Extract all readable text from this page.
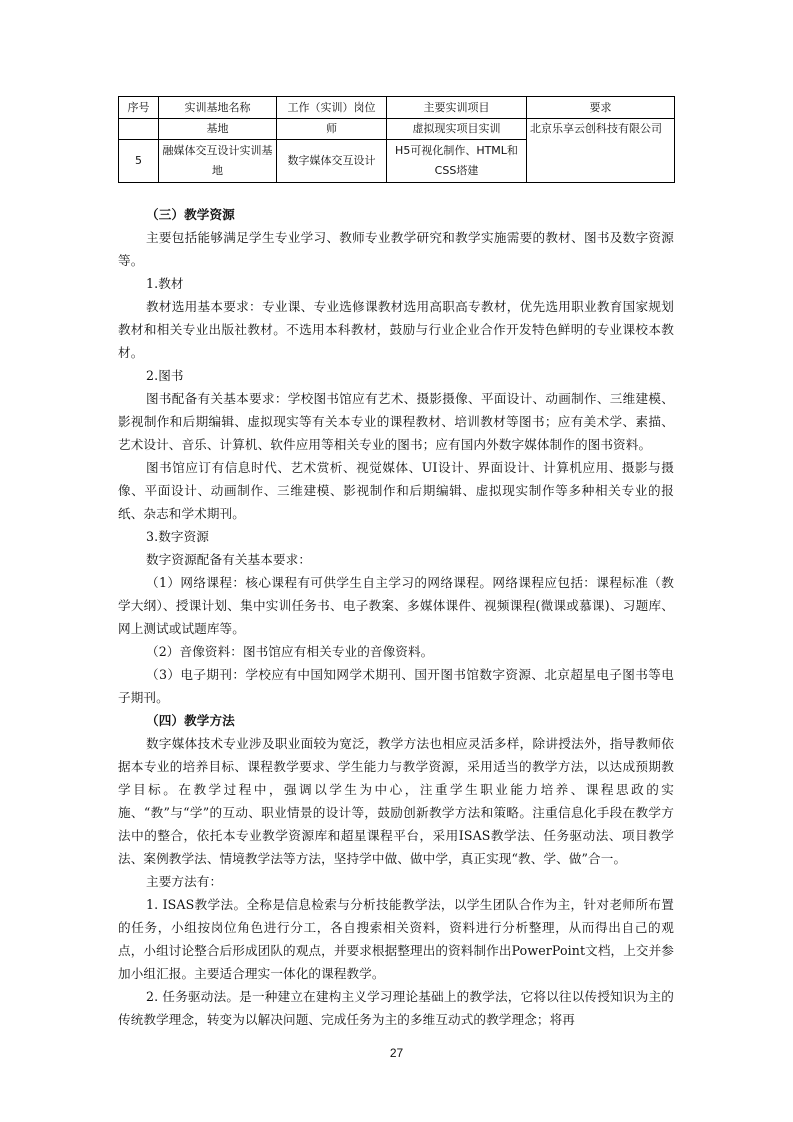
序号	实训基地名称	工作（实训）岗位	主要实训项目	要求
	基地	师	虚拟现实项目实训	北京乐享云创科技有限公司
5	融媒体交互设计实训基地	数字媒体交互设计	H5可视化制作、HTML和CSS塔建	

（三）教学资源

主要包括能够满足学生专业学习、教师专业教学研究和教学实施需要的教材、图书及数字资源等。

1.教材

教材选用基本要求：专业课、专业选修课教材选用高职高专教材，优先选用职业教育国家规划教材和相关专业出版社教材。不选用本科教材，鼓励与行业企业合作开发特色鲜明的专业课校本教材。

2.图书

图书配备有关基本要求：学校图书馆应有艺术、摄影摄像、平面设计、动画制作、三维建模、影视制作和后期编辑、虚拟现实等有关本专业的课程教材、培训教材等图书；应有美术学、素描、艺术设计、音乐、计算机、软件应用等相关专业的图书；应有国内外数字媒体制作的图书资料。

图书馆应订有信息时代、艺术赏析、视觉媒体、UI设计、界面设计、计算机应用、摄影与摄像、平面设计、动画制作、三维建模、影视制作和后期编辑、虚拟现实制作等多种相关专业的报纸、杂志和学术期刊。

3.数字资源

数字资源配备有关基本要求：

（1）网络课程：核心课程有可供学生自主学习的网络课程。网络课程应包括：课程标准（教学大纲）、授课计划、集中实训任务书、电子教案、多媒体课件、视频课程(微课或慕课)、习题库、网上测试或试题库等。

（2）音像资料：图书馆应有相关专业的音像资料。

（3）电子期刊：学校应有中国知网学术期刊、国开图书馆数字资源、北京超星电子图书等电子期刊。

（四）教学方法

数字媒体技术专业涉及职业面较为宽泛，教学方法也相应灵活多样，除讲授法外，指导教师依据本专业的培养目标、课程教学要求、学生能力与教学资源，采用适当的教学方法，以达成预期教学目标。在教学过程中，强调以学生为中心，注重学生职业能力培养、课程思政的实施、“教”与“学”的互动、职业情景的设计等，鼓励创新教学方法和策略。注重信息化手段在教学方法中的整合，依托本专业教学资源库和超星课程平台，采用ISAS教学法、任务驱动法、项目教学法、案例教学法、情境教学法等方法，坚持学中做、做中学，真正实现“教、学、做”合一。

主要方法有：

1. ISAS教学法。全称是信息检索与分析技能教学法，以学生团队合作为主，针对老师所布置的任务，小组按岗位角色进行分工，各自搜索相关资料，资料进行分析整理，从而得出自己的观点，小组讨论整合后形成团队的观点，并要求根据整理出的资料制作出PowerPoint文档，上交并参加小组汇报。主要适合理实一体化的课程教学。

2. 任务驱动法。是一种建立在建构主义学习理论基础上的教学法，它将以往以传授知识为主的传统教学理念，转变为以解决问题、完成任务为主的多维互动式的教学理念；将再

27
